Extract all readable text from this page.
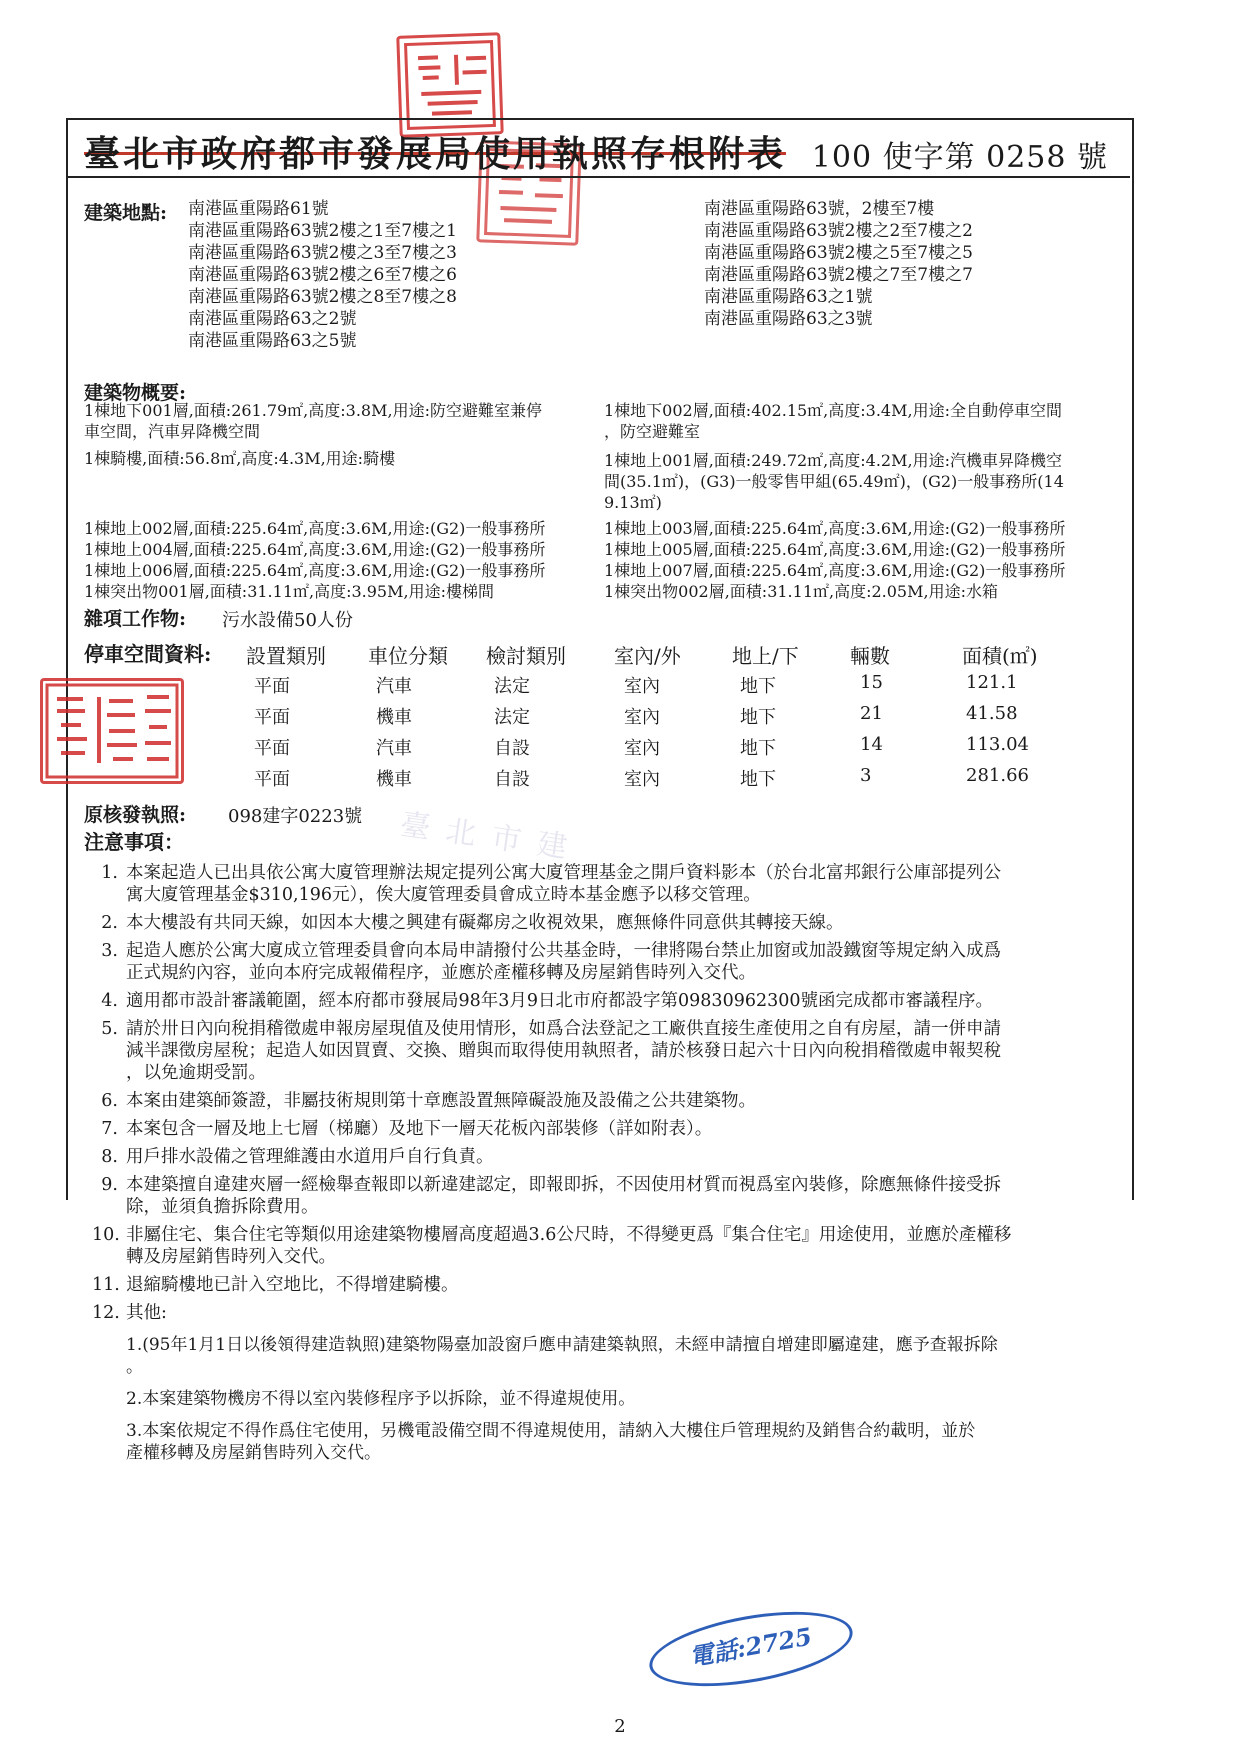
臺北市政府都市發展局使用執照存根附表 100 使字第 0258 號
建築地點: 南港區重陽路61號
南港區重陽路63號2樓之1至7樓之1
南港區重陽路63號2樓之3至7樓之3
南港區重陽路63號2樓之6至7樓之6
南港區重陽路63號2樓之8至7樓之8
南港區重陽路63之2號
南港區重陽路63之5號
南港區重陽路63號，2樓至7樓
南港區重陽路63號2樓之2至7樓之2
南港區重陽路63號2樓之5至7樓之5
南港區重陽路63號2樓之7至7樓之7
南港區重陽路63之1號
南港區重陽路63之3號
建築物概要:
1棟地下001層,面積:261.79㎡,高度:3.8M,用途:防空避難室兼停
車空間，汽車昇降機空間
1棟地下002層,面積:402.15㎡,高度:3.4M,用途:全自動停車空間
，防空避難室
1棟騎樓,面積:56.8㎡,高度:4.3M,用途:騎樓	1棟地上001層,面積:249.72㎡,高度:4.2M,用途:汽機車昇降機空
間(35.1㎡)，(G3)一般零售甲組(65.49㎡)，(G2)一般事務所(14
9.13㎡)
1棟地上002層,面積:225.64㎡,高度:3.6M,用途:(G2)一般事務所
1棟地上004層,面積:225.64㎡,高度:3.6M,用途:(G2)一般事務所
1棟地上006層,面積:225.64㎡,高度:3.6M,用途:(G2)一般事務所
1棟突出物001層,面積:31.11㎡,高度:3.95M,用途:樓梯間
1棟地上003層,面積:225.64㎡,高度:3.6M,用途:(G2)一般事務所
1棟地上005層,面積:225.64㎡,高度:3.6M,用途:(G2)一般事務所
1棟地上007層,面積:225.64㎡,高度:3.6M,用途:(G2)一般事務所
1棟突出物002層,面積:31.11㎡,高度:2.05M,用途:水箱
雜項工作物: 污水設備50人份
停車空間資料: 設置類別 車位分類 檢討類別 室內/外	地上/下	輛數	面積(㎡)
平面	汽車	法定	室內	地下	15	121.1
平面	機車	法定	室內	地下	21	41.58
平面	汽車	自設	室內	地下	14	113.04
平面	機車	自設	室內	地下	3	281.66
原核發執照: 098建字0223號 臺北市建
注意事項：
1. 本案起造人已出具依公寓大廈管理辦法規定提列公寓大廈管理基金之開戶資料影本（於台北富邦銀行公庫部提列公
寓大廈管理基金$310,196元），俟大廈管理委員會成立時本基金應予以移交管理。
2. 本大樓設有共同天線，如因本大樓之興建有礙鄰房之收視效果，應無條件同意供其轉接天線。
3. 起造人應於公寓大廈成立管理委員會向本局申請撥付公共基金時，一律將陽台禁止加窗或加設鐵窗等規定納入成爲
正式規約內容，並向本府完成報備程序，並應於產權移轉及房屋銷售時列入交代。
4. 適用都市設計審議範圍，經本府都市發展局98年3月9日北市府都設字第09830962300號函完成都市審議程序。
5. 請於卅日內向稅捐稽徵處申報房屋現值及使用情形，如爲合法登記之工廠供直接生產使用之自有房屋，請一併申請
減半課徵房屋稅；起造人如因買賣、交換、贈與而取得使用執照者，請於核發日起六十日內向稅捐稽徵處申報契稅
，以免逾期受罰。
6. 本案由建築師簽證，非屬技術規則第十章應設置無障礙設施及設備之公共建築物。
7. 本案包含一層及地上七層（梯廳）及地下一層天花板內部裝修（詳如附表）。
8. 用戶排水設備之管理維護由水道用戶自行負責。
9. 本建築擅自違建夾層一經檢舉查報即以新違建認定，即報即拆，不因使用材質而視爲室內裝修，除應無條件接受拆
除，並須負擔拆除費用。
10. 非屬住宅、集合住宅等類似用途建築物樓層高度超過3.6公尺時，不得變更爲『集合住宅』用途使用，並應於產權移
轉及房屋銷售時列入交代。
11. 退縮騎樓地已計入空地比，不得增建騎樓。
12. 其他:
1.(95年1月1日以後領得建造執照)建築物陽臺加設窗戶應申請建築執照，未經申請擅自增建即屬違建，應予查報拆除
。
2.本案建築物機房不得以室內裝修程序予以拆除，並不得違規使用。
3.本案依規定不得作爲住宅使用，另機電設備空間不得違規使用，請納入大樓住戶管理規約及銷售合約載明，並於
產權移轉及房屋銷售時列入交代。
電話:2725
2
